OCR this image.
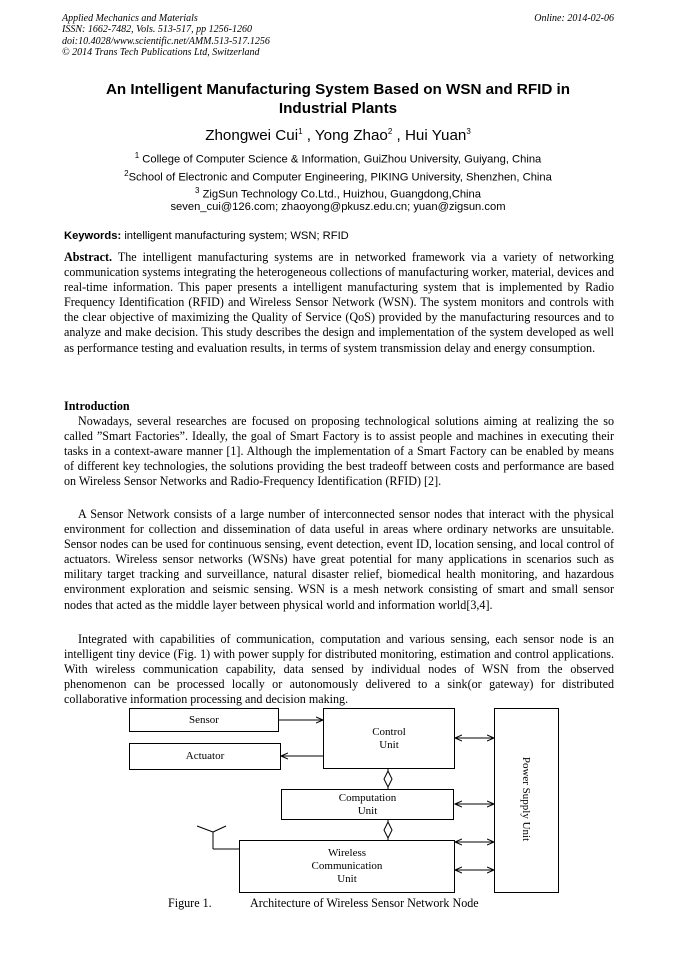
Applied Mechanics and Materials
ISSN: 1662-7482, Vols. 513-517, pp 1256-1260
doi:10.4028/www.scientific.net/AMM.513-517.1256
© 2014 Trans Tech Publications Ltd, Switzerland
Online: 2014-02-06
An Intelligent Manufacturing System Based on WSN and RFID in
Industrial Plants
Zhongwei Cui$^1$ , Yong Zhao$^2$ , Hui Yuan$^3$
$^1$ College of Computer Science & Information, GuiZhou University, Guiyang, China
$^2$School of Electronic and Computer Engineering, PIKING University, Shenzhen, China
$^3$ ZigSun Technology Co.Ltd., Huizhou, Guangdong,China
seven_cui@126.com; zhaoyong@pkusz.edu.cn; yuan@zigsun.com
Keywords: intelligent manufacturing system; WSN; RFID

Abstract. The intelligent manufacturing systems are in networked framework via a variety of networking communication systems integrating the heterogeneous collections of manufacturing worker, material, devices and real-time information. This paper presents a intelligent manufacturing system that is implemented by Radio Frequency Identification (RFID) and Wireless Sensor Network (WSN). The system monitors and controls with the clear objective of maximizing the Quality of Service (QoS) provided by the manufacturing resources and to analyze and make decision. This study describes the design and implementation of the system developed as well as performance testing and evaluation results, in terms of system transmission delay and energy consumption.

Introduction

Nowadays, several researches are focused on proposing technological solutions aiming at realizing the so called ”Smart Factories”. Ideally, the goal of Smart Factory is to assist people and machines in executing their tasks in a context-aware manner [1]. Although the implementation of a Smart Factory can be enabled by means of different key technologies, the solutions providing the best tradeoff between costs and performance are based on Wireless Sensor Networks and Radio-Frequency Identification (RFID) [2].

A Sensor Network consists of a large number of interconnected sensor nodes that interact with the physical environment for collection and dissemination of data useful in areas where ordinary networks are unsuitable. Sensor nodes can be used for continuous sensing, event detection, event ID, location sensing, and local control of actuators. Wireless sensor networks (WSNs) have great potential for many applications in scenarios such as military target tracking and surveillance, natural disaster relief, biomedical health monitoring, and hazardous environment exploration and seismic sensing. WSN is a mesh network consisting of smart and small sensor nodes that acted as the middle layer between physical world and information world[3,4].

Integrated with capabilities of communication, computation and various sensing, each sensor node is an intelligent tiny device (Fig. 1) with power supply for distributed monitoring, estimation and control applications. With wireless communication capability, data sensed by individual nodes of WSN from the observed phenomenon can be processed locally or autonomously delivered to a sink(or gateway) for distributed collaborative information processing and decision making.

Sensor
Actuator
Control
Unit
Computation
Unit
Wireless
Communication
Unit
Power Supply Unit
Figure 1.	Architecture of Wireless Sensor Network Node
